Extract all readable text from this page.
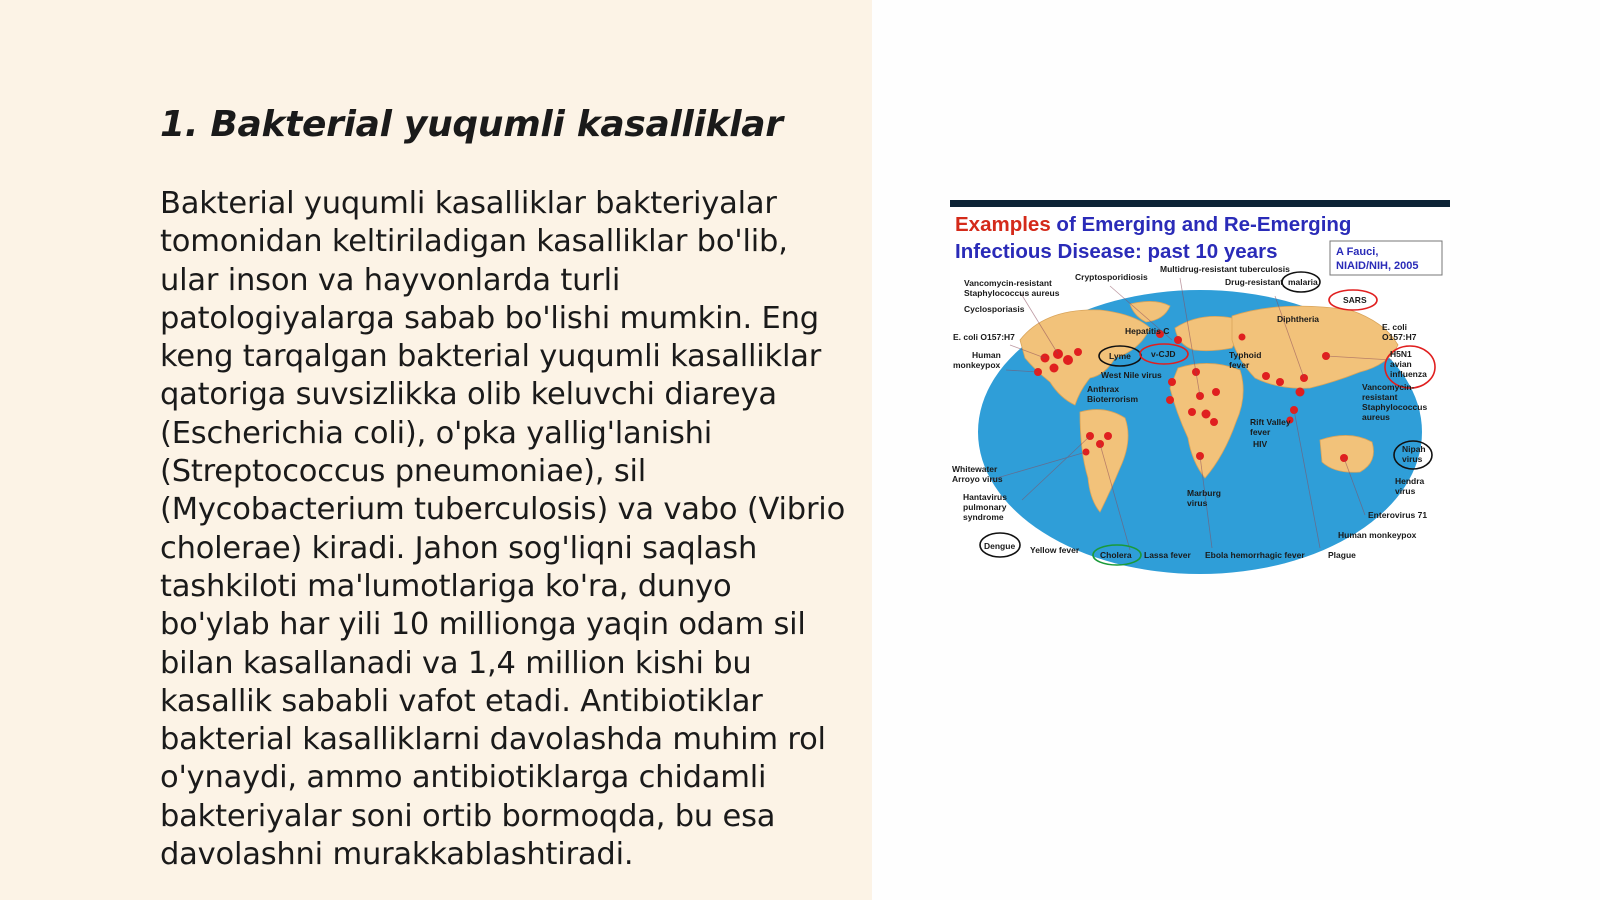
1. Bakterial yuqumli kasalliklar

Bakterial yuqumli kasalliklar bakteriyalar
tomonidan keltiriladigan kasalliklar bo'lib,
ular inson va hayvonlarda turli
patologiyalarga sabab bo'lishi mumkin. Eng
keng tarqalgan bakterial yuqumli kasalliklar
qatoriga suvsizlikka olib keluvchi diareya
(Escherichia coli), o'pka yallig'lanishi
(Streptococcus pneumoniae), sil
(Mycobacterium tuberculosis) va vabo (Vibrio
cholerae) kiradi. Jahon sog'liqni saqlash
tashkiloti ma'lumotlariga ko'ra, dunyo
bo'ylab har yili 10 millionga yaqin odam sil
bilan kasallanadi va 1,4 million kishi bu
kasallik sababli vafot etadi. Antibiotiklar
bakterial kasalliklarni davolashda muhim rol
o'ynaydi, ammo antibiotiklarga chidamli
bakteriyalar soni ortib bormoqda, bu esa
davolashni murakkablashtiradi.

Examples of Emerging and Re-Emerging
Infectious Disease: past 10 years	A Fauci,
NIAID/NIH, 2005
Vancomycin-resistant
Staphylococcus aureus
Cyclosporiasis
E. coli O157:H7
Human
monkeypox
Cryptosporidiosis
Multidrug-resistant tuberculosis
Drug-resistant malaria
SARS
Hepatitis C
Diphtheria
E. coli
O157:H7
Lyme v-CJD	Typhoid
fever
West Nile virus
H5N1
avian
influenza
Anthrax
Bioterrorism
Vancomycin-
resistant
Staphylococcus
aureus
Rift Valley
fever
HIV	Nipah
virus
Whitewater
Arroyo virus	Hendra
virus
Hantavirus
pulmonary
syndrome
Marburg
virus
Enterovirus 71
Human monkeypox
Dengue Yellow fever Cholera Lassa fever Ebola hemorrhagic fever	Plague
